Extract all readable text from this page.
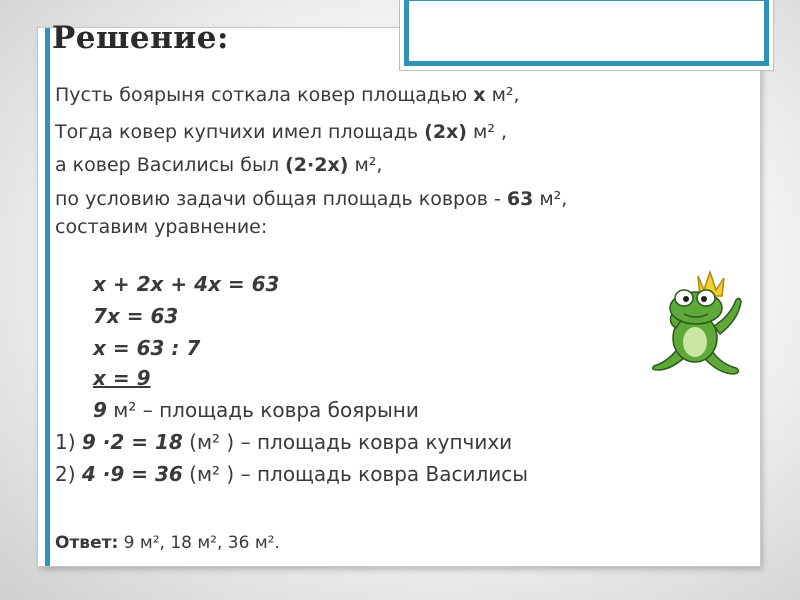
Решение:
Пусть боярыня соткала ковер площадью х м²,
Тогда ковер купчихи имел площадь (2х) м² ,
а ковер Василисы был (2·2х) м²,
по условию задачи общая площадь ковров - 63 м²,
составим уравнение:
х + 2х + 4х = 63
7х = 63
х = 63 : 7
х = 9
9 м² – площадь ковра боярыни
1) 9 ·2 = 18 (м² ) – площадь ковра купчихи
2) 4 ·9 = 36 (м² ) – площадь ковра Василисы
Ответ: 9 м², 18 м², 36 м².
